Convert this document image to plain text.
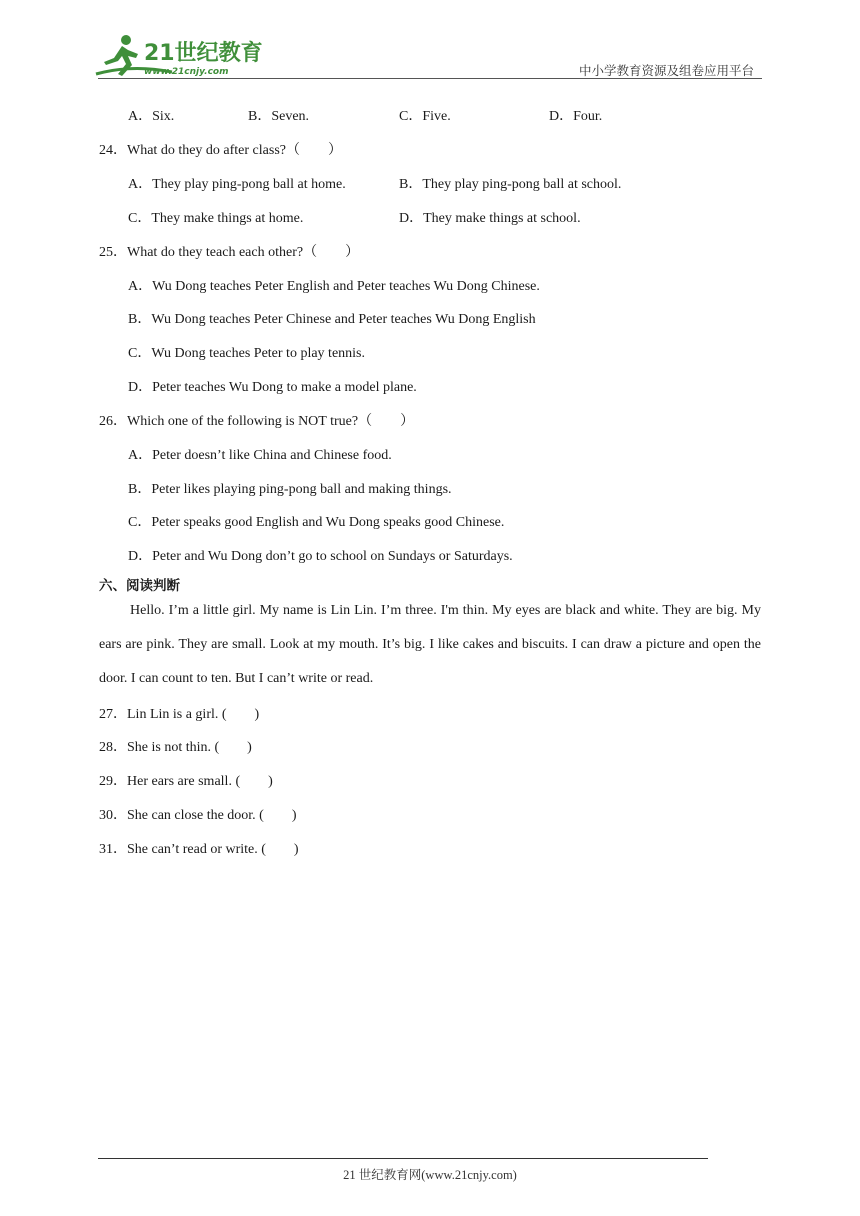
21世纪教育
www.21cnjy.com	中小学教育资源及组卷应用平台
A．Six.	B．Seven.	C．Five.	D．Four.
24．What do they do after class?（　　）
A．They play ping-pong ball at home.	B．They play ping-pong ball at school.
C．They make things at home.	D．They make things at school.
25．What do they teach each other?（　　）
A．Wu Dong teaches Peter English and Peter teaches Wu Dong Chinese.
B．Wu Dong teaches Peter Chinese and Peter teaches Wu Dong English
C．Wu Dong teaches Peter to play tennis.
D．Peter teaches Wu Dong to make a model plane.
26．Which one of the following is NOT true?（　　）
A．Peter doesn’t like China and Chinese food.
B．Peter likes playing ping-pong ball and making things.
C．Peter speaks good English and Wu Dong speaks good Chinese.
D．Peter and Wu Dong don’t go to school on Sundays or Saturdays.
六、阅读判断
Hello. I’m a little girl. My name is Lin Lin. I’m three. I'm thin. My eyes are black and white. They are big. My ears are pink. They are small. Look at my mouth. It’s big. I like cakes and biscuits. I can draw a picture and open the door. I can count to ten. But I can’t write or read.
27．Lin Lin is a girl. (　　)
28．She is not thin. (　　)
29．Her ears are small. (　　)
30．She can close the door. (　　)
31．She can’t read or write. (　　)
21 世纪教育网(www.21cnjy.com)
